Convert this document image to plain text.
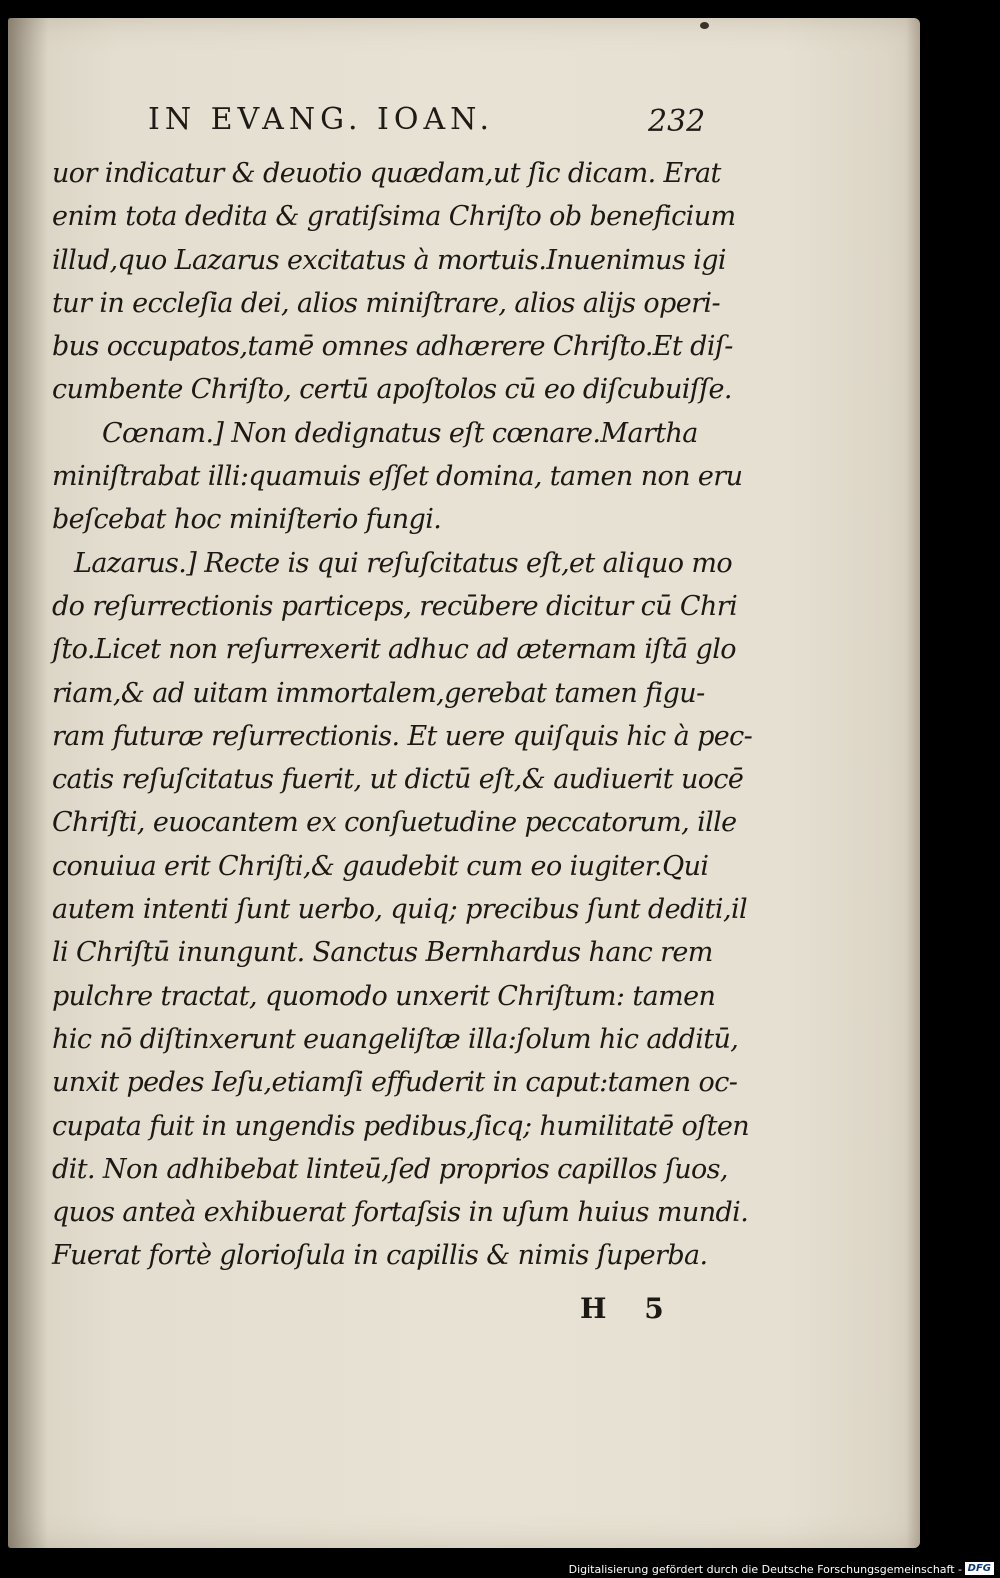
IN EVANG. IOAN.	232
uor indicatur & deuotio quædam,ut ſic dicam. Erat
enim tota dedita & gratiſsima Chriſto ob beneficium
illud,quo Lazarus excitatus à mortuis.Inuenimus igi
tur in eccleſia dei, alios miniſtrare, alios alijs operi-
bus occupatos,tamē omnes adhærere Chriſto.Et diſ-
cumbente Chriſto, certū apoſtolos cū eo diſcubuiſſe.
Cœnam.] Non dedignatus eſt cœnare.Martha
miniſtrabat illi:quamuis eſſet domina, tamen non eru
beſcebat hoc miniſterio fungi.
Lazarus.] Recte is qui reſuſcitatus eſt,et aliquo mo
do reſurrectionis particeps, recūbere dicitur cū Chri
ſto.Licet non reſurrexerit adhuc ad æternam iſtā glo
riam,& ad uitam immortalem,gerebat tamen figu-
ram futuræ reſurrectionis. Et uere quiſquis hic à pec-
catis reſuſcitatus fuerit, ut dictū eſt,& audiuerit uocē
Chriſti, euocantem ex conſuetudine peccatorum, ille
conuiua erit Chriſti,& gaudebit cum eo iugiter.Qui
autem intenti ſunt uerbo, quiq; precibus ſunt dediti,il
li Chriſtū inungunt. Sanctus Bernhardus hanc rem
pulchre tractat, quomodo unxerit Chriſtum: tamen
hic nō diſtinxerunt euangeliſtæ illa:ſolum hic additū,
unxit pedes Ieſu,etiamſi effuderit in caput:tamen oc-
cupata fuit in ungendis pedibus,ſicq; humilitatē oſten
dit. Non adhibebat linteū,ſed proprios capillos ſuos,
quos anteà exhibuerat fortaſsis in uſum huius mundi.
Fuerat fortè glorioſula in capillis & nimis ſuperba.
H 5
Digitalisierung gefördert durch die Deutsche Forschungsgemeinschaft - DFG
